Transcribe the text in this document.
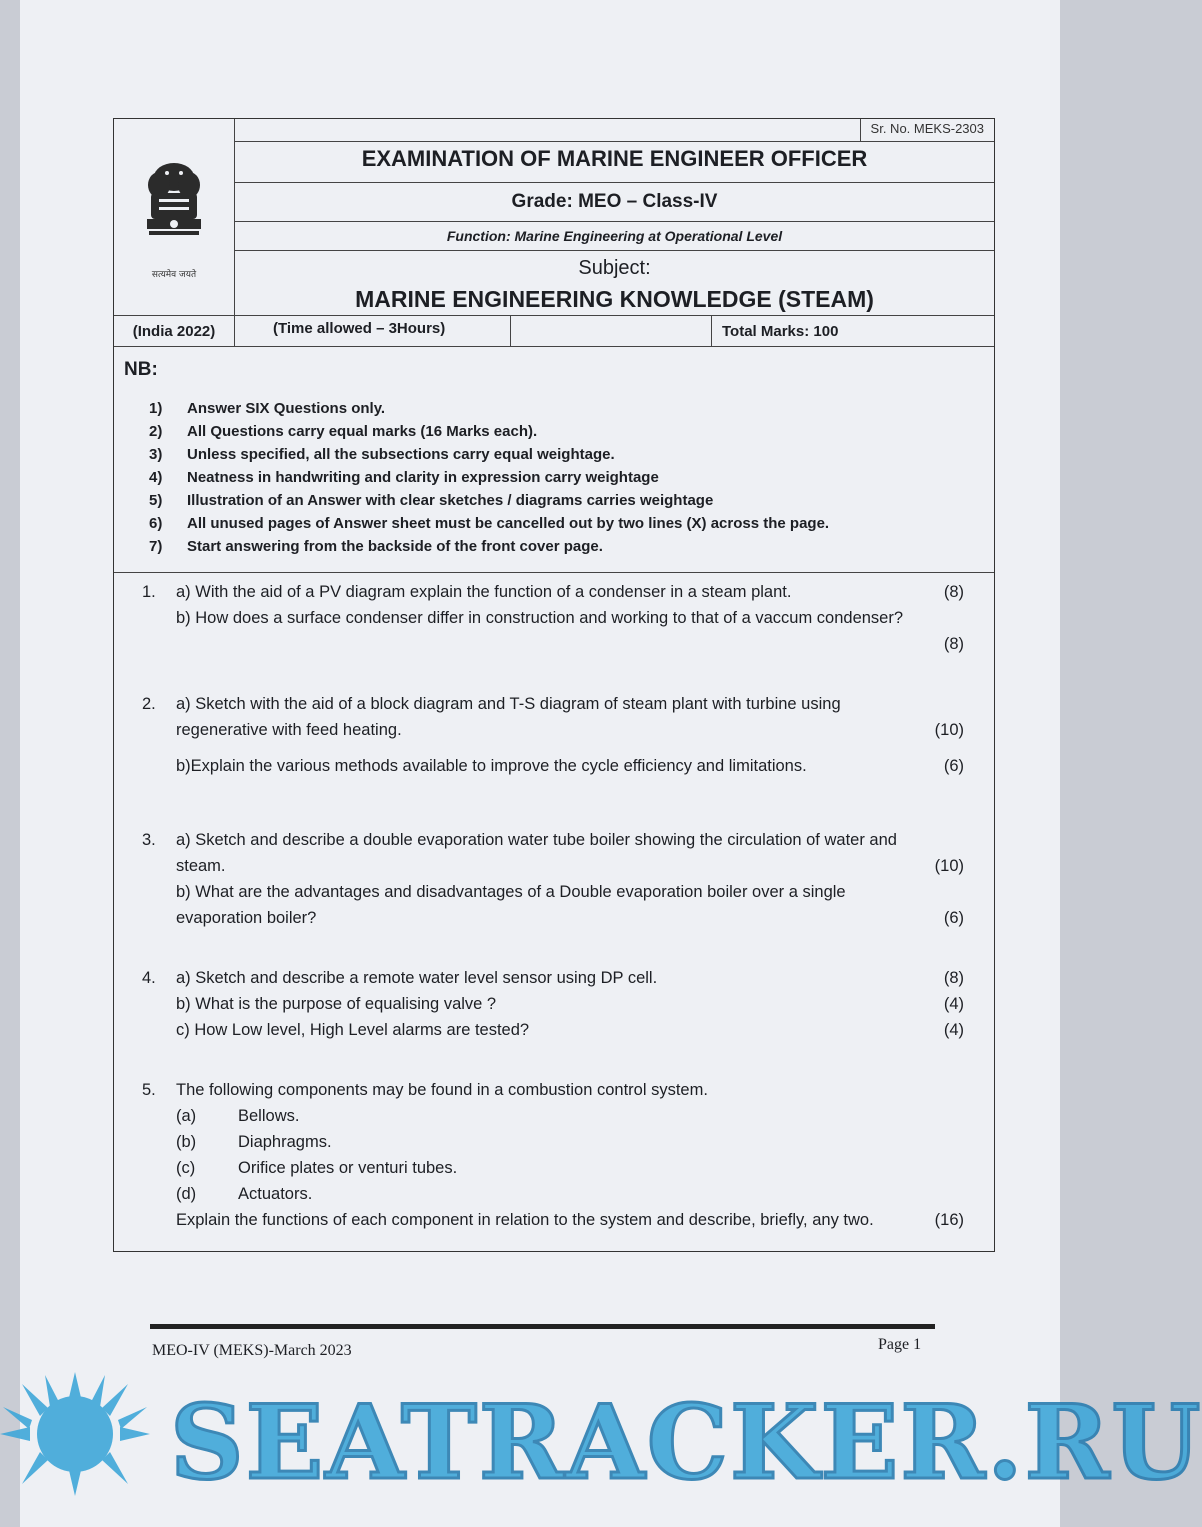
सत्यमेव जयते
Sr. No. MEKS-2303
EXAMINATION OF MARINE ENGINEER OFFICER
Grade: MEO – Class-IV
Function: Marine Engineering at Operational Level
Subject:
MARINE ENGINEERING KNOWLEDGE (STEAM)
(India 2022)	(Time allowed – 3Hours)	Total Marks: 100
NB:
1)	Answer SIX Questions only.
2)	All Questions carry equal marks (16 Marks each).
3)	Unless specified, all the subsections carry equal weightage.
4)	Neatness in handwriting and clarity in expression carry weightage
5)	Illustration of an Answer with clear sketches / diagrams carries weightage
6)	All unused pages of Answer sheet must be cancelled out by two lines (X) across the page.
7)	Start answering from the backside of the front cover page.
1.	a) With the aid of a PV diagram explain the function of a condenser in a steam plant.	(8)
b) How does a surface condenser differ in construction and working to that of a vaccum condenser?
(8)
2.	a) Sketch with the aid of a block diagram and T-S diagram of steam plant with turbine using regenerative with feed heating.	(10)
b)Explain the various methods available to improve the cycle efficiency and limitations.	(6)
3.	a) Sketch and describe a double evaporation water tube boiler showing the circulation of water and steam.	(10)
b) What are the advantages and disadvantages of a Double evaporation boiler over a single evaporation boiler?	(6)
4.	a) Sketch and describe a remote water level sensor using DP cell.	(8)
b) What is the purpose of equalising valve ?	(4)
c) How Low level, High Level alarms are tested?	(4)
5.	The following components may be found in a combustion control system.
(a)	Bellows.
(b)	Diaphragms.
(c)	Orifice plates or venturi tubes.
(d)	Actuators.
Explain the functions of each component in relation to the system and describe, briefly, any two.	(16)
MEO-IV (MEKS)-March 2023	Page 1
SEATRACKER.RU
